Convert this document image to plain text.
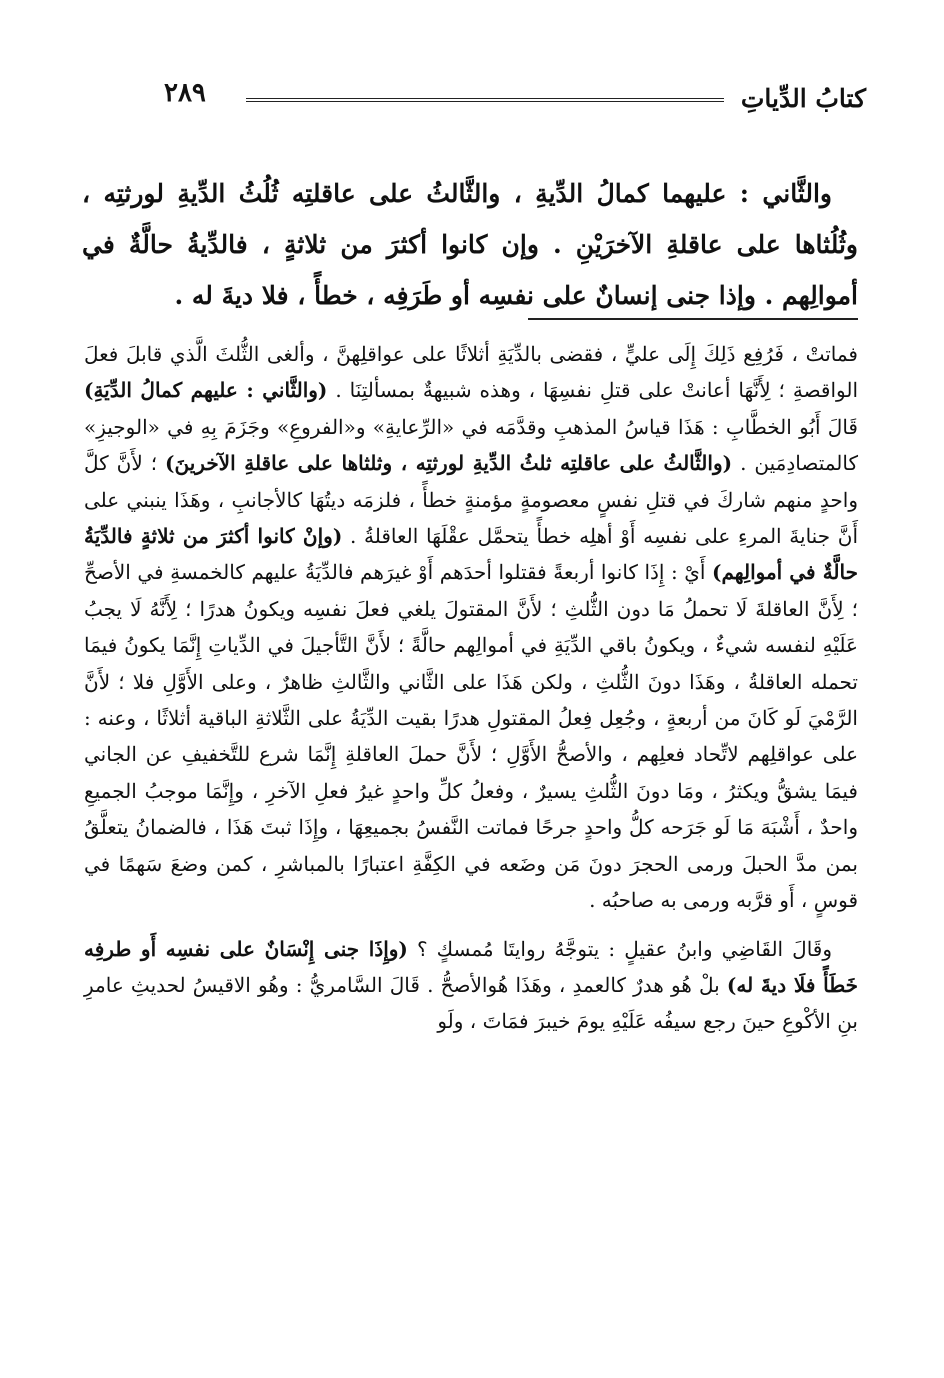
كتابُ الدِّياتِ
٢٨٩

والثَّاني : عليهما كمالُ الدِّيةِ ، والثَّالثُ على عاقلتِه ثُلُثُ الدِّيةِ لورثتِه ، وثُلُثاها على عاقلةِ الآخرَيْنِ . وإن كانوا أكثرَ من ثلاثةٍ ، فالدِّيةُ حالَّةٌ في أموالِهم . وإذا جنى إنسانٌ على نفسِه أو طَرَفِه ، خطأً ، فلا ديةَ له .

فماتتْ ، فَرُفِع ذَلِكَ إِلَى عليٍّ ، فقضى بالدِّيَةِ أثلاثًا على عواقلِهنَّ ، وألغى الثُّلثَ الَّذي قابلَ فعلَ الواقصةِ ؛ لِأَنَّهَا أعانتْ على قتلِ نفسِهَا ، وهذه شبيهةٌ بمسألتِنَا . (والثَّاني : عليهم كمالُ الدِّيَةِ) قَالَ أَبُو الخطَّابِ : هَذَا قياسُ المذهبِ وقدَّمَه في «الرِّعايةِ» و«الفروعِ» وجَزَمَ بِهِ في «الوجيزِ» كالمتصادِمَين . (والثَّالثُ على عاقلتِه ثلثُ الدِّيةِ لورثتِه ، وثلثاها على عاقلةِ الآخرينَ) ؛ لأَنَّ كلَّ واحدٍ منهم شاركَ في قتلِ نفسٍ معصومةٍ مؤمنةٍ خطأً ، فلزمَه ديتُهَا كالأجانبِ ، وهَذَا ينبني على أَنَّ جنايةَ المرءِ على نفسِه أَوْ أهلِه خطأً يتحمَّل عقْلَهَا العاقلةُ . (وإنْ كانوا أكثرَ من ثلاثةٍ فالدِّيَةُ حالَّةٌ في أموالِهم) أَيْ : إِذَا كانوا أربعةً فقتلوا أحدَهم أَوْ غيرَهم فالدِّيَةُ عليهم كالخمسةِ في الأصحِّ ؛ لِأَنَّ العاقلةَ لَا تحملُ مَا دون الثُّلثِ ؛ لأَنَّ المقتولَ يلغي فعلَ نفسِه ويكونُ هدرًا ؛ لِأَنَّهُ لَا يجبُ عَلَيْهِ لنفسه شيءٌ ، ويكونُ باقي الدِّيَةِ في أموالِهم حالَّةً ؛ لأَنَّ التَّأجيلَ في الدِّياتِ إِنَّمَا يكونُ فيمَا تحمله العاقلةُ ، وهَذَا دونَ الثُّلثِ ، ولكن هَذَا على الثَّاني والثَّالثِ ظاهرٌ ، وعلى الأَوَّلِ فلا ؛ لأَنَّ الرَّمْيَ لَو كَانَ من أربعةٍ ، وجُعِل فِعلُ المقتولِ هدرًا بقيت الدِّيَةُ على الثَّلاثةِ الباقية أثلاثًا ، وعنه : على عواقلِهم لاتِّحاد فعلِهم ، والأصحُّ الأَوَّلِ ؛ لأَنَّ حملَ العاقلةِ إِنَّمَا شرع للتَّخفيفِ عن الجاني فيمَا يشقُّ ويكثرُ ، ومَا دونَ الثُّلثِ يسيرٌ ، وفعلُ كلِّ واحدٍ غيرُ فعلِ الآخرِ ، وإِنَّمَا موجبُ الجميعِ واحدٌ ، أَشْبَهَ مَا لَو جَرَحه كلُّ واحدٍ جرحًا فماتت النَّفسُ بجميعِهَا ، وإِذَا ثبتَ هَذَا ، فالضمانُ يتعلَّقُ بمن مدَّ الحبلَ ورمى الحجرَ دونَ مَن وضَعه في الكِفَّةِ اعتبارًا بالمباشرِ ، كمن وضعَ سَهمًا في قوسٍ ، أَو قرَّبه ورمى به صاحبُه .

وقَالَ القَاضِي وابنُ عقيلٍ : يتوجَّهُ روايتَا مُمسكٍ ؟ (وإِذَا جنى إِنْسَانٌ على نفسِه أَو طرفِه خَطَأً فلَا ديةَ له) بلْ هُو هدرٌ كالعمدِ ، وهَذَا هُوالأصحُّ . قَالَ السَّامريُّ : وهُو الاقيسُ لحديثِ عامرِ بنِ الأكْوعِ حينَ رجع سيفُه عَلَيْهِ يومَ خيبرَ فمَاتَ ، ولَو
